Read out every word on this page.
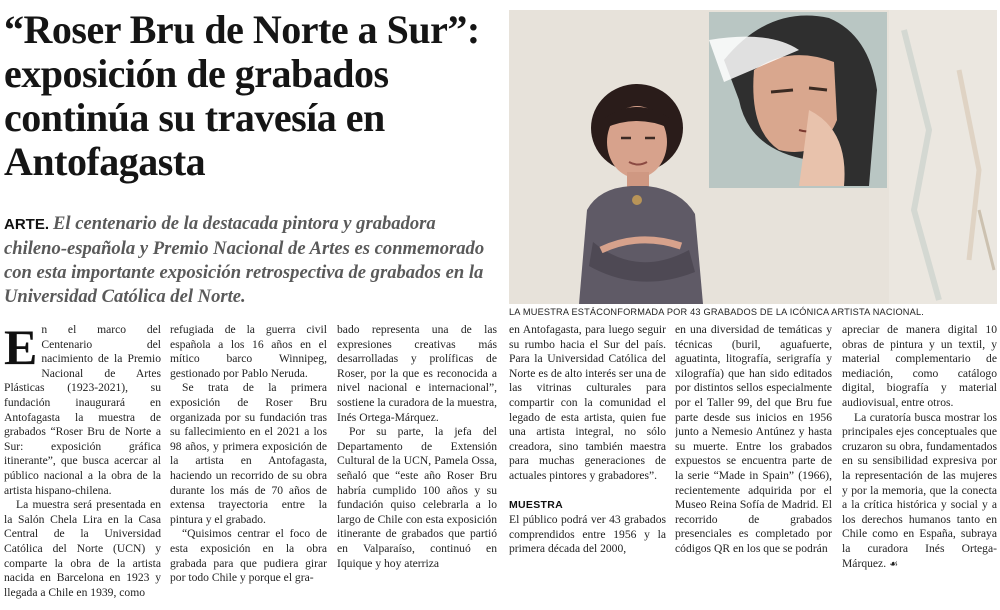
“Roser Bru de Norte a Sur”: exposición de grabados continúa su travesía en Antofagasta
ARTE. El centenario de la destacada pintora y grabadora chileno-española y Premio Nacional de Artes es conmemorado con esta importante exposición retrospectiva de grabados en la Universidad Católica del Norte.
LA MUESTRA ESTÁCONFORMADA POR 43 GRABADOS DE LA ICÓNICA ARTISTA NACIONAL.

En el marco del Centenario del nacimiento de la Premio Nacional de Artes Plásticas (1923-2021), su fundación inaugurará en Antofagasta la muestra de grabados “Roser Bru de Norte a Sur: exposición gráfica itinerante”, que busca acercar al público nacional a la obra de la artista hispano-chilena.

La muestra será presentada en la Salón Chela Lira en la Casa Central de la Universidad Católica del Norte (UCN) y comparte la obra de la artista nacida en Barcelona en 1923 y llegada a Chile en 1939, como

refugiada de la guerra civil española a los 16 años en el mítico barco Winnipeg, gestionado por Pablo Neruda.

Se trata de la primera exposición de Roser Bru organizada por su fundación tras su fallecimiento en el 2021 a los 98 años, y primera exposición de la artista en Antofagasta, haciendo un recorrido de su obra durante los más de 70 años de extensa trayectoria entre la pintura y el grabado.

“Quisimos centrar el foco de esta exposición en la obra grabada para que pudiera girar por todo Chile y porque el gra-

bado representa una de las expresiones creativas más desarrolladas y prolíficas de Roser, por la que es reconocida a nivel nacional e internacional”, sostiene la curadora de la muestra, Inés Ortega-Márquez.

Por su parte, la jefa del Departamento de Extensión Cultural de la UCN, Pamela Ossa, señaló que “este año Roser Bru habría cumplido 100 años y su fundación quiso celebrarla a lo largo de Chile con esta exposición itinerante de grabados que partió en Valparaíso, continuó en Iquique y hoy aterriza

en Antofagasta, para luego seguir su rumbo hacia el Sur del país. Para la Universidad Católica del Norte es de alto interés ser una de las vitrinas culturales para compartir con la comunidad el legado de esta artista, quien fue una artista integral, no sólo creadora, sino también maestra para muchas generaciones de actuales pintores y grabadores”.

MUESTRA

El público podrá ver 43 grabados comprendidos entre 1956 y la primera década del 2000,

en una diversidad de temáticas y técnicas (buril, aguafuerte, aguatinta, litografía, serigrafía y xilografía) que han sido editados por distintos sellos especialmente por el Taller 99, del que Bru fue parte desde sus inicios en 1956 junto a Nemesio Antúnez y hasta su muerte. Entre los grabados expuestos se encuentra parte de la serie “Made in Spain” (1966), recientemente adquirida por el Museo Reina Sofía de Madrid. El recorrido de grabados presenciales es completado por códigos QR en los que se podrán

apreciar de manera digital 10 obras de pintura y un textil, y material complementario de mediación, como catálogo digital, biografía y material audiovisual, entre otros.

La curatoría busca mostrar los principales ejes conceptuales que cruzaron su obra, fundamentados en su sensibilidad expresiva por la representación de las mujeres y por la memoria, que la conecta a la crítica histórica y social y a los derechos humanos tanto en Chile como en España, subraya la curadora Inés Ortega-Márquez. ☙
